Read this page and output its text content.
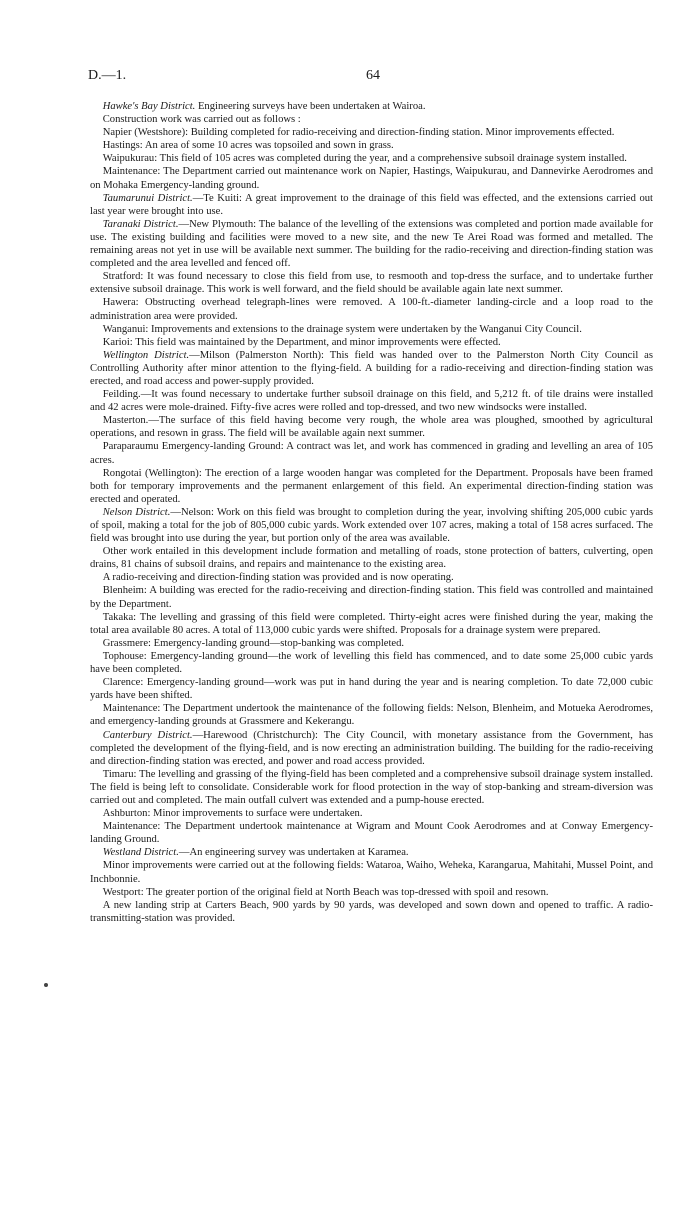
D.—1.	64

Hawke's Bay District. Engineering surveys have been undertaken at Wairoa.

Construction work was carried out as follows :

Napier (Westshore): Building completed for radio-receiving and direction-finding station. Minor improvements effected.

Hastings: An area of some 10 acres was topsoiled and sown in grass.

Waipukurau: This field of 105 acres was completed during the year, and a comprehensive subsoil drainage system installed.

Maintenance: The Department carried out maintenance work on Napier, Hastings, Waipukurau, and Dannevirke Aerodromes and on Mohaka Emergency-landing ground.

Taumarunui District.—Te Kuiti: A great improvement to the drainage of this field was effected, and the extensions carried out last year were brought into use.

Taranaki District.—New Plymouth: The balance of the levelling of the extensions was completed and portion made available for use. The existing building and facilities were moved to a new site, and the new Te Arei Road was formed and metalled. The remaining areas not yet in use will be available next summer. The building for the radio-receiving and direction-finding station was completed and the area levelled and fenced off.

Stratford: It was found necessary to close this field from use, to resmooth and top-dress the surface, and to undertake further extensive subsoil drainage. This work is well forward, and the field should be available again late next summer.

Hawera: Obstructing overhead telegraph-lines were removed. A 100-ft.-diameter landing-circle and a loop road to the administration area were provided.

Wanganui: Improvements and extensions to the drainage system were undertaken by the Wanganui City Council.

Karioi: This field was maintained by the Department, and minor improvements were effected.

Wellington District.—Milson (Palmerston North): This field was handed over to the Palmerston North City Council as Controlling Authority after minor attention to the flying-field. A building for a radio-receiving and direction-finding station was erected, and road access and power-supply provided.

Feilding.—It was found necessary to undertake further subsoil drainage on this field, and 5,212 ft. of tile drains were installed and 42 acres were mole-drained. Fifty-five acres were rolled and top-dressed, and two new windsocks were installed.

Masterton.—The surface of this field having become very rough, the whole area was ploughed, smoothed by agricultural operations, and resown in grass. The field will be available again next summer.

Paraparaumu Emergency-landing Ground: A contract was let, and work has commenced in grading and levelling an area of 105 acres.

Rongotai (Wellington): The erection of a large wooden hangar was completed for the Department. Proposals have been framed both for temporary improvements and the permanent enlargement of this field. An experimental direction-finding station was erected and operated.

Nelson District.—Nelson: Work on this field was brought to completion during the year, involving shifting 205,000 cubic yards of spoil, making a total for the job of 805,000 cubic yards. Work extended over 107 acres, making a total of 158 acres surfaced. The field was brought into use during the year, but portion only of the area was available.

Other work entailed in this development include formation and metalling of roads, stone protection of batters, culverting, open drains, 81 chains of subsoil drains, and repairs and maintenance to the existing area.

A radio-receiving and direction-finding station was provided and is now operating.

Blenheim: A building was erected for the radio-receiving and direction-finding station. This field was controlled and maintained by the Department.

Takaka: The levelling and grassing of this field were completed. Thirty-eight acres were finished during the year, making the total area available 80 acres. A total of 113,000 cubic yards were shifted. Proposals for a drainage system were prepared.

Grassmere: Emergency-landing ground—stop-banking was completed.

Tophouse: Emergency-landing ground—the work of levelling this field has commenced, and to date some 25,000 cubic yards have been completed.

Clarence: Emergency-landing ground—work was put in hand during the year and is nearing completion. To date 72,000 cubic yards have been shifted.

Maintenance: The Department undertook the maintenance of the following fields: Nelson, Blenheim, and Motueka Aerodromes, and emergency-landing grounds at Grassmere and Kekerangu.

Canterbury District.—Harewood (Christchurch): The City Council, with monetary assistance from the Government, has completed the development of the flying-field, and is now erecting an administration building. The building for the radio-receiving and direction-finding station was erected, and power and road access provided.

Timaru: The levelling and grassing of the flying-field has been completed and a comprehensive subsoil drainage system installed. The field is being left to consolidate. Considerable work for flood protection in the way of stop-banking and stream-diversion was carried out and completed. The main outfall culvert was extended and a pump-house erected.

Ashburton: Minor improvements to surface were undertaken.

Maintenance: The Department undertook maintenance at Wigram and Mount Cook Aerodromes and at Conway Emergency-landing Ground.

Westland District.—An engineering survey was undertaken at Karamea.

Minor improvements were carried out at the following fields: Wataroa, Waiho, Weheka, Karangarua, Mahitahi, Mussel Point, and Inchbonnie.

Westport: The greater portion of the original field at North Beach was top-dressed with spoil and resown.

A new landing strip at Carters Beach, 900 yards by 90 yards, was developed and sown down and opened to traffic. A radio-transmitting-station was provided.
